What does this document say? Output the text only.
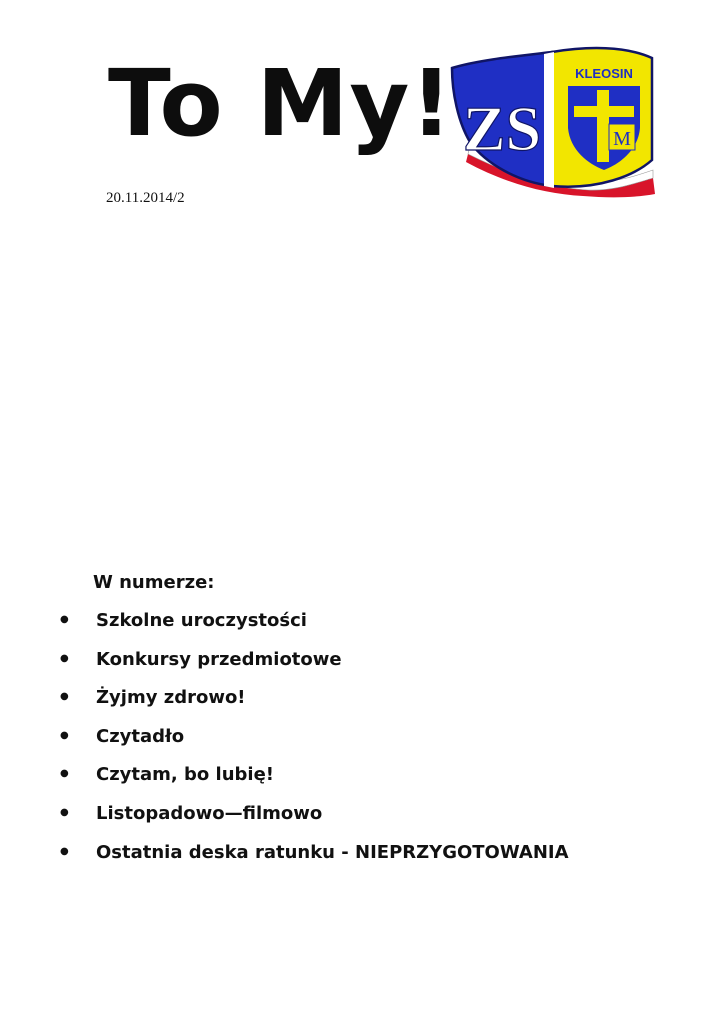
To My!
20.11.2014/2
ZS
KLEOSIN
M
W numerze:
● Szkolne uroczystości
● Konkursy przedmiotowe
● Żyjmy zdrowo!
● Czytadło
● Czytam, bo lubię!
● Listopadowo—filmowo
● Ostatnia deska ratunku - NIEPRZYGOTOWANIA
